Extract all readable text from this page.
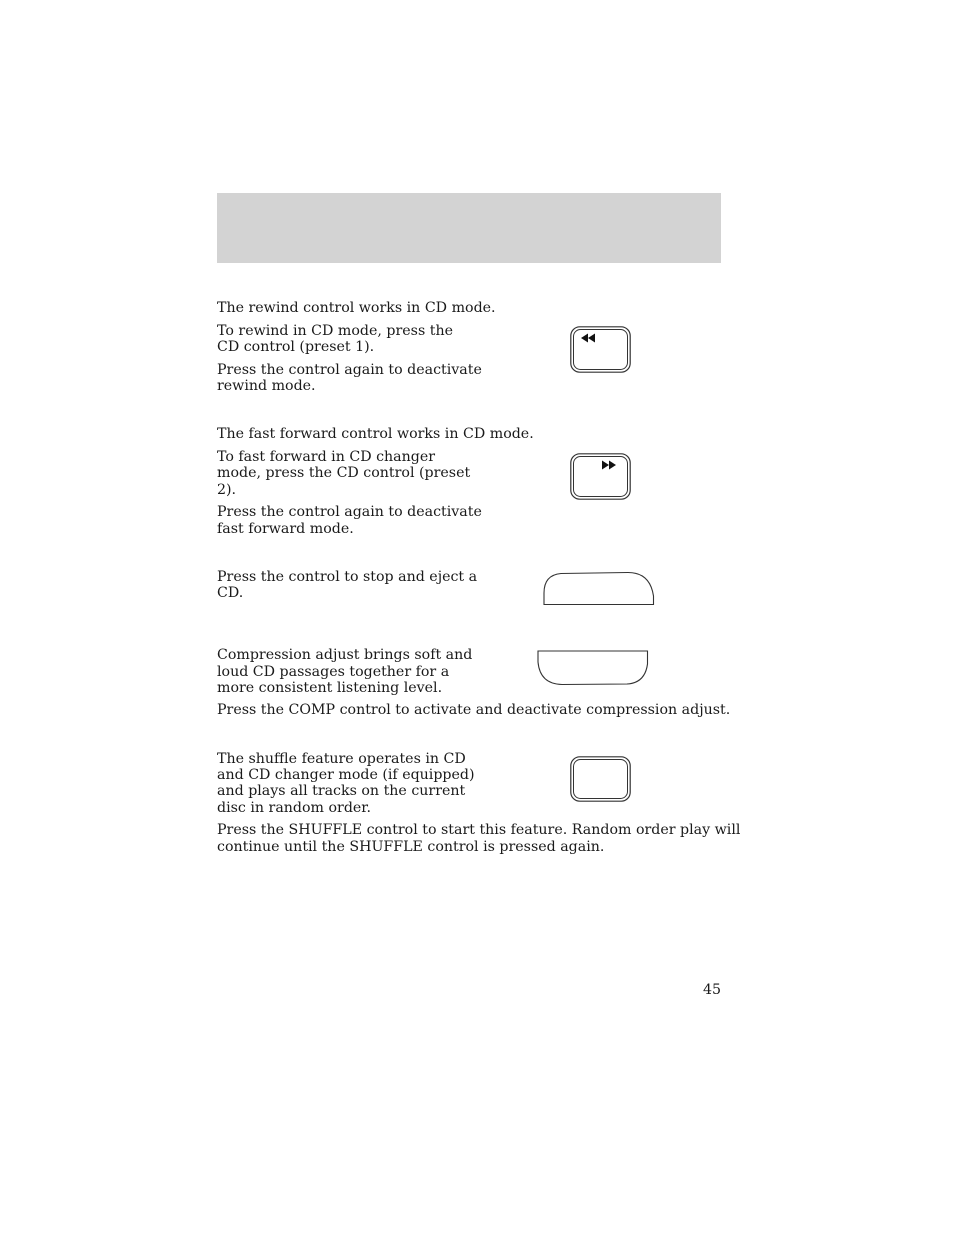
The rewind control works in CD mode.

To rewind in CD mode, press the

CD control (preset 1).

Press the control again to deactivate

rewind mode.

The fast forward control works in CD mode.

To fast forward in CD changer

mode, press the CD control (preset

2).

Press the control again to deactivate

fast forward mode.

Press the control to stop and eject a

CD.

Compression adjust brings soft and

loud CD passages together for a

more consistent listening level.

Press the COMP control to activate and deactivate compression adjust.

The shuffle feature operates in CD

and CD changer mode (if equipped)

and plays all tracks on the current

disc in random order.

Press the SHUFFLE control to start this feature. Random order play will

continue until the SHUFFLE control is pressed again.

45
